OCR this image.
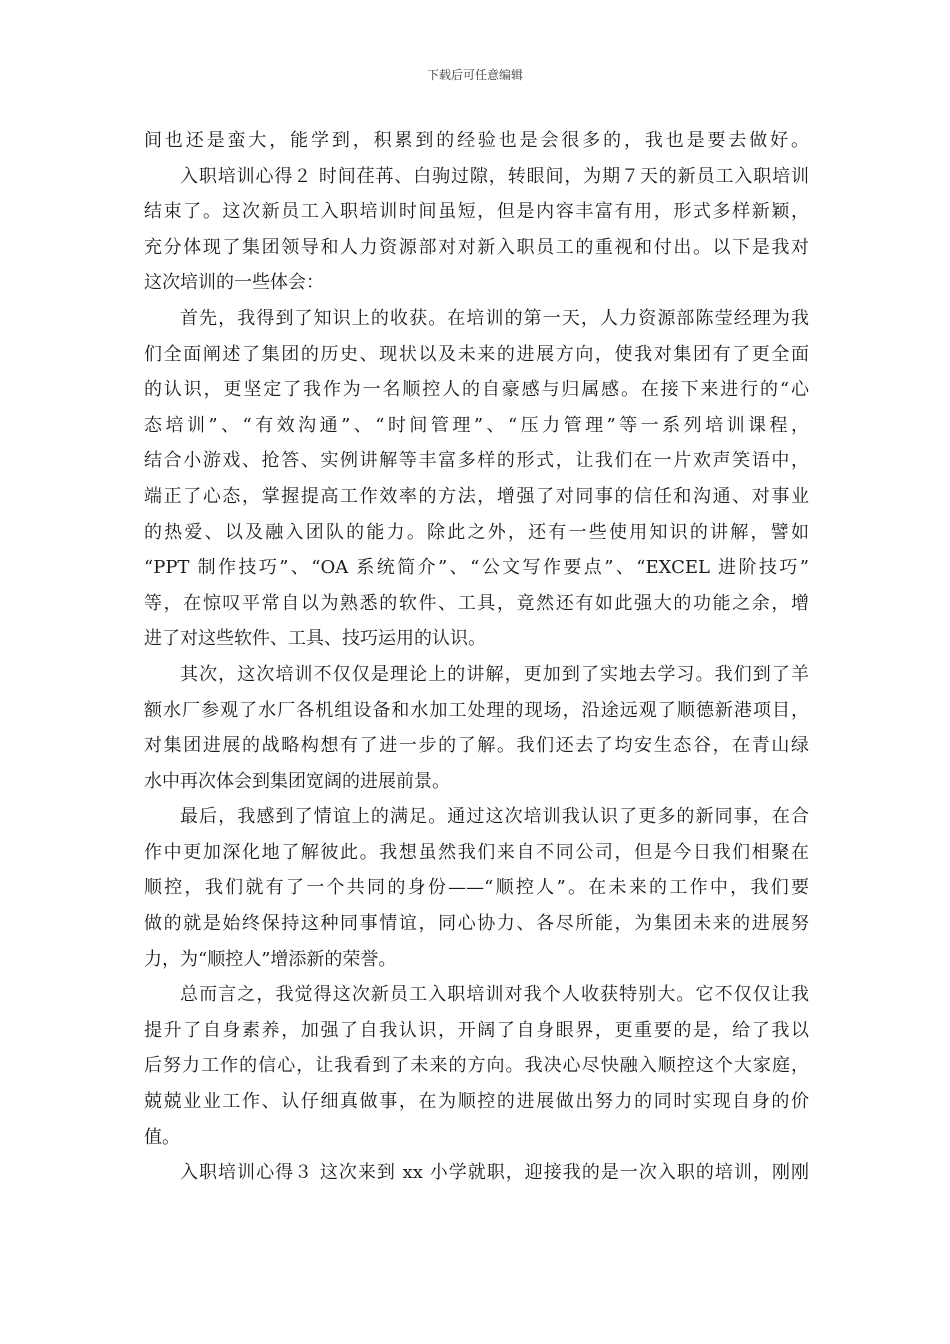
下载后可任意编辑
间也还是蛮大，能学到，积累到的经验也是会很多的，我也是要去做好。
入职培训心得２ 时间荏苒、白驹过隙，转眼间，为期７天的新员工入职培训
结束了。这次新员工入职培训时间虽短，但是内容丰富有用，形式多样新颖，
充分体现了集团领导和人力资源部对对新入职员工的重视和付出。以下是我对
这次培训的一些体会：
首先，我得到了知识上的收获。在培训的第一天，人力资源部陈莹经理为我
们全面阐述了集团的历史、现状以及未来的进展方向，使我对集团有了更全面
的认识，更坚定了我作为一名顺控人的自豪感与归属感。在接下来进行的“心
态培训”、“有效沟通”、“时间管理”、“压力管理”等一系列培训课程，
结合小游戏、抢答、实例讲解等丰富多样的形式，让我们在一片欢声笑语中，
端正了心态，掌握提高工作效率的方法，增强了对同事的信任和沟通、对事业
的热爱、以及融入团队的能力。除此之外，还有一些使用知识的讲解，譬如
“PPT 制作技巧”、“OA 系统简介”、“公文写作要点”、“EXCEL 进阶技巧”
等，在惊叹平常自以为熟悉的软件、工具，竟然还有如此强大的功能之余，增
进了对这些软件、工具、技巧运用的认识。
其次，这次培训不仅仅是理论上的讲解，更加到了实地去学习。我们到了羊
额水厂参观了水厂各机组设备和水加工处理的现场，沿途远观了顺德新港项目，
对集团进展的战略构想有了进一步的了解。我们还去了均安生态谷，在青山绿
水中再次体会到集团宽阔的进展前景。
最后，我感到了情谊上的满足。通过这次培训我认识了更多的新同事，在合
作中更加深化地了解彼此。我想虽然我们来自不同公司，但是今日我们相聚在
顺控，我们就有了一个共同的身份——“顺控人”。在未来的工作中，我们要
做的就是始终保持这种同事情谊，同心协力、各尽所能，为集团未来的进展努
力，为“顺控人”增添新的荣誉。
总而言之，我觉得这次新员工入职培训对我个人收获特别大。它不仅仅让我
提升了自身素养，加强了自我认识，开阔了自身眼界，更重要的是，给了我以
后努力工作的信心，让我看到了未来的方向。我决心尽快融入顺控这个大家庭，
兢兢业业工作、认仔细真做事，在为顺控的进展做出努力的同时实现自身的价
值。
入职培训心得３ 这次来到 xx 小学就职，迎接我的是一次入职的培训，刚刚
